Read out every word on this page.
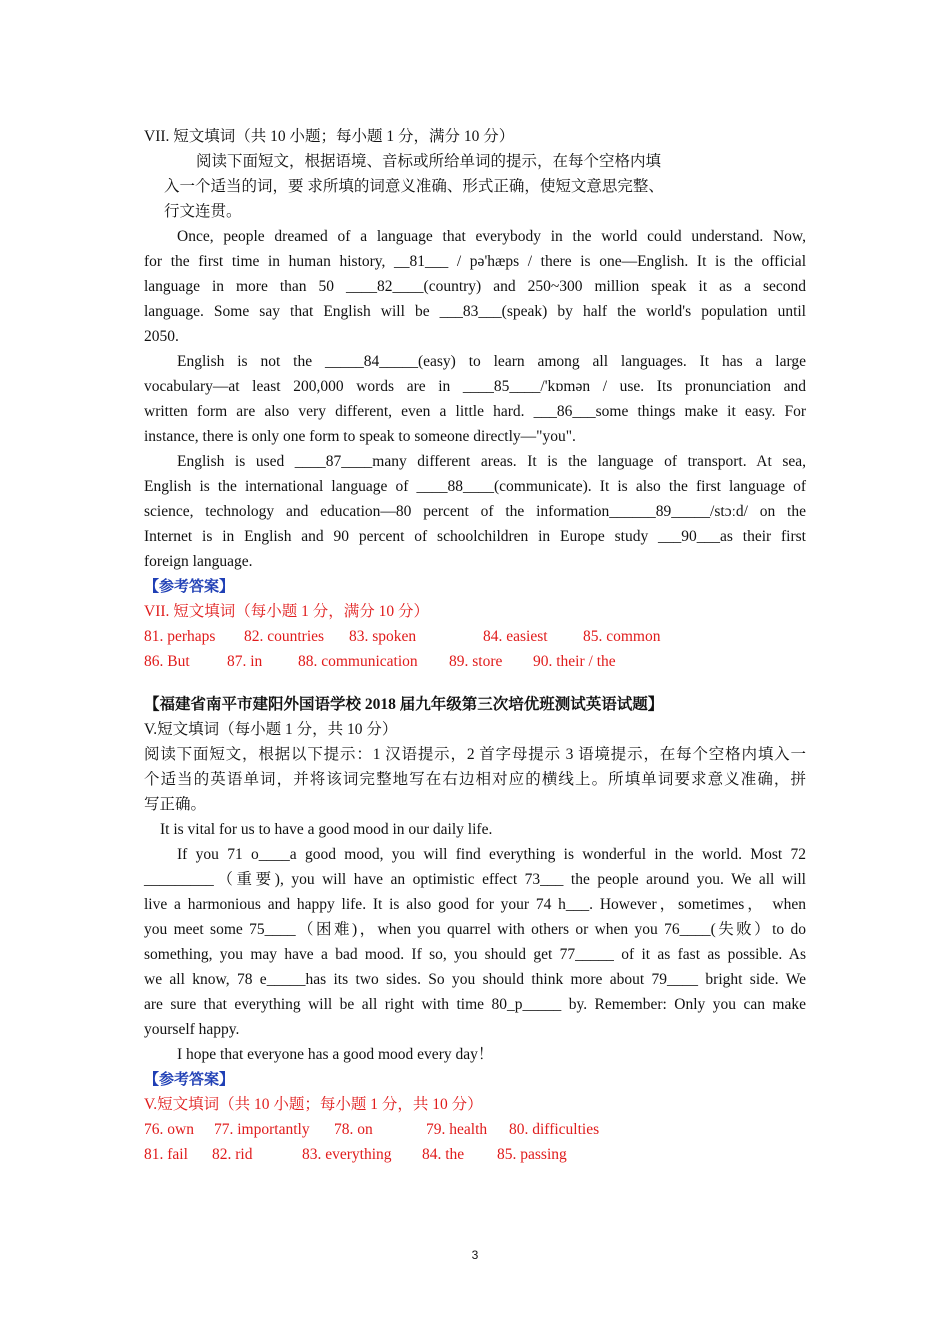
VII. 短文填词（共 10 小题；每小题 1 分，满分 10 分）
阅读下面短文，根据语境、音标或所给单词的提示，在每个空格内填
入一个适当的词，要 求所填的词意义准确、形式正确，使短文意思完整、
行文连贯。
Once, people dreamed of a language that everybody in the world could understand. Now,
for the first time in human history, __81___ / pə'hæps / there is one—English. It is the official
language in more than 50 ____82____(country) and 250~300 million speak it as a second
language. Some say that English will be ___83___(speak) by half the world's population until
2050.
English is not the _____84_____(easy) to learn among all languages. It has a large
vocabulary—at least 200,000 words are in ____85____/'kɒmən / use. Its pronunciation and
written form are also very different, even a little hard. ___86___some things make it easy. For
instance, there is only one form to speak to someone directly—"you".
English is used ____87____many different areas. It is the language of transport. At sea,
English is the international language of ____88____(communicate). It is also the first language of
science, technology and education—80 percent of the information______89_____/stɔːd/ on the
Internet is in English and 90 percent of schoolchildren in Europe study ___90___as their first
foreign language.
【参考答案】
VII. 短文填词（每小题 1 分，满分 10 分）
81. perhaps 82. countries 83. spoken	84. easiest 85. common
86. But 87. in 88. communication 89. store 90. their / the
【福建省南平市建阳外国语学校 2018 届九年级第三次培优班测试英语试题】
V.短文填词（每小题 1 分，共 10 分）
阅读下面短文，根据以下提示：1 汉语提示，2 首字母提示 3 语境提示，在每个空格内填入一
个适当的英语单词，并将该词完整地写在右边相对应的横线上。所填单词要求意义准确，拼
写正确。
It is vital for us to have a good mood in our daily life.
If you 71 o____a good mood, you will find everything is wonderful in the world. Most 72
_________（重要), you will have an optimistic effect 73___ the people around you. We all will
live a harmonious and happy life. It is also good for your 74 h___. However，sometimes， when
you meet some 75____（困难)，when you quarrel with others or when you 76____(失败）to do
something, you may have a bad mood. If so, you should get 77_____ of it as fast as possible. As
we all know, 78 e_____has its two sides. So you should think more about 79____ bright side. We
are sure that everything will be all right with time 80_p_____ by. Remember: Only you can make
yourself happy.
I hope that everyone has a good mood every day！
【参考答案】
V.短文填词（共 10 小题；每小题 1 分，共 10 分）
76. own 77. importantly 78. on	79. health 80. difficulties
81. fail 82. rid	83. everything 84. the 85. passing
3
